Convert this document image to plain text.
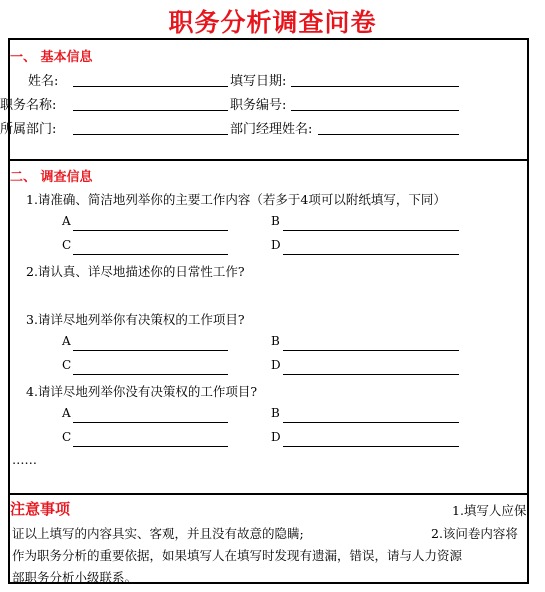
职务分析调查问卷
一、 基本信息
姓名:	填写日期:
职务名称:	职务编号:
所属部门:	部门经理姓名:
二、 调查信息
1.请准确、简洁地列举你的主要工作内容（若多于4项可以附纸填写，下同）
A	B
C	D
2.请认真、详尽地描述你的日常性工作?
3.请详尽地列举你有决策权的工作项目?
A	B
C	D
4.请详尽地列举你没有决策权的工作项目?
A	B
C	D
……
注意事项	1.填写人应保
证以上填写的内容具实、客观，并且没有故意的隐瞒;	2.该问卷内容将
作为职务分析的重要依据，如果填写人在填写时发现有遗漏，错误，请与人力资源
部职务分析小级联系。
